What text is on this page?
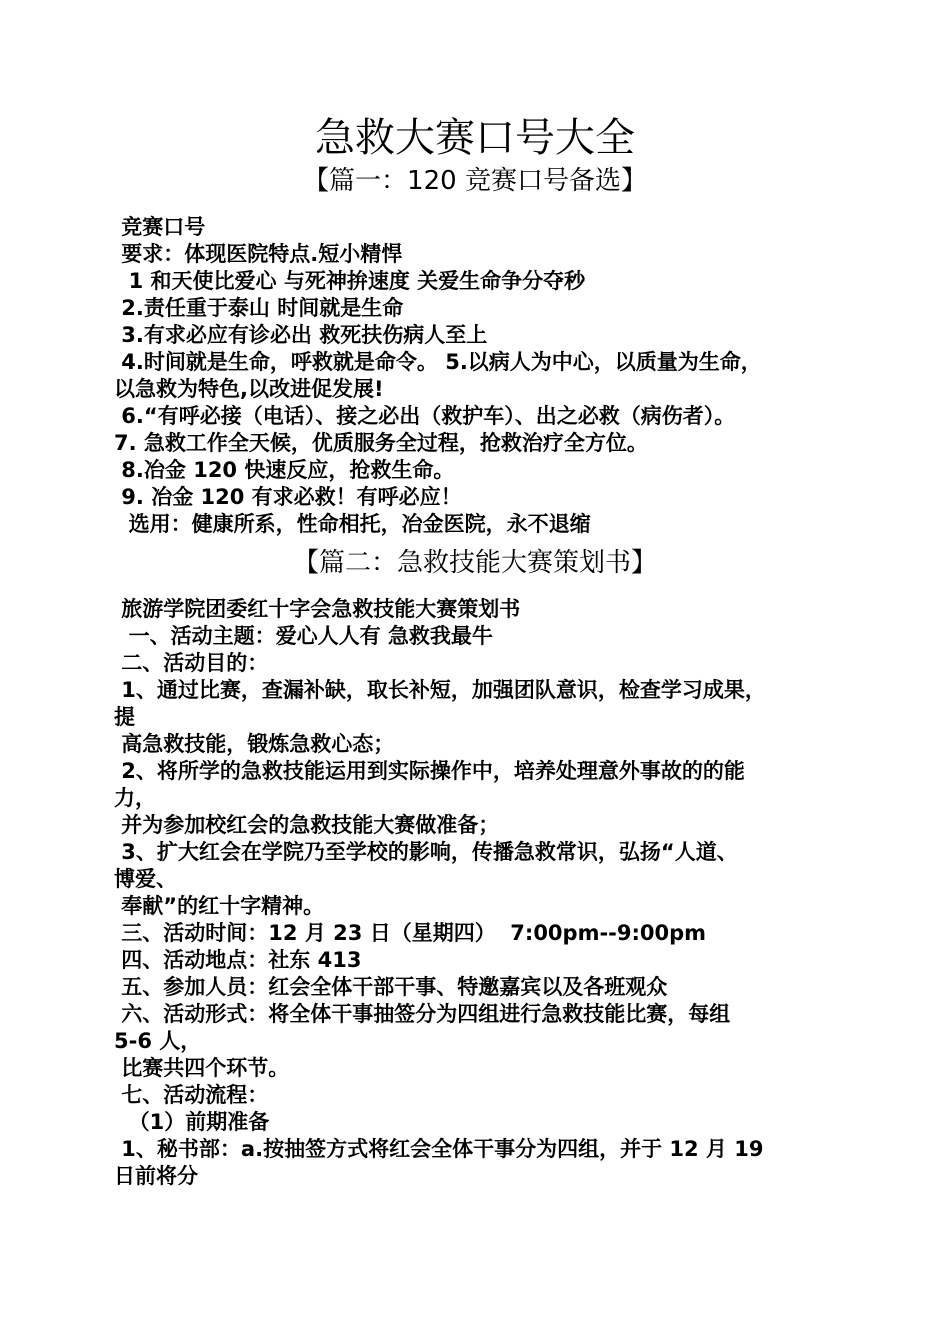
急救大赛口号大全
【篇一：120 竞赛口号备选】
竞赛口号
要求：体现医院特点.短小精悍
1 和天使比爱心 与死神拚速度 关爱生命争分夺秒
2.责任重于泰山 时间就是生命
3.有求必应有诊必出 救死扶伤病人至上
4.时间就是生命，呼救就是命令。 5.以病人为中心，以质量为生命，
以急救为特色,以改进促发展!
6.“有呼必接（电话）、接之必出（救护车）、出之必救（病伤者）。
7. 急救工作全天候，优质服务全过程，抢救治疗全方位。
8.冶金 120 快速反应，抢救生命。
9. 冶金 120 有求必救！有呼必应！
选用：健康所系，性命相托，冶金医院，永不退缩
【篇二：急救技能大赛策划书】
旅游学院团委红十字会急救技能大赛策划书
一、活动主题：爱心人人有 急救我最牛
二、活动目的：
1、通过比赛，查漏补缺，取长补短，加强团队意识，检查学习成果，
提
高急救技能，锻炼急救心态；
2、将所学的急救技能运用到实际操作中，培养处理意外事故的的能
力，
并为参加校红会的急救技能大赛做准备；
3、扩大红会在学院乃至学校的影响，传播急救常识，弘扬“人道、
博爱、
奉献”的红十字精神。
三、活动时间：12 月 23 日（星期四）  7:00pm--9:00pm
四、活动地点：社东 413
五、参加人员：红会全体干部干事、特邀嘉宾以及各班观众
六、活动形式：将全体干事抽签分为四组进行急救技能比赛，每组
5-6 人，
比赛共四个环节。
七、活动流程：
（1）前期准备
1、秘书部：a.按抽签方式将红会全体干事分为四组，并于 12 月 19
日前将分
